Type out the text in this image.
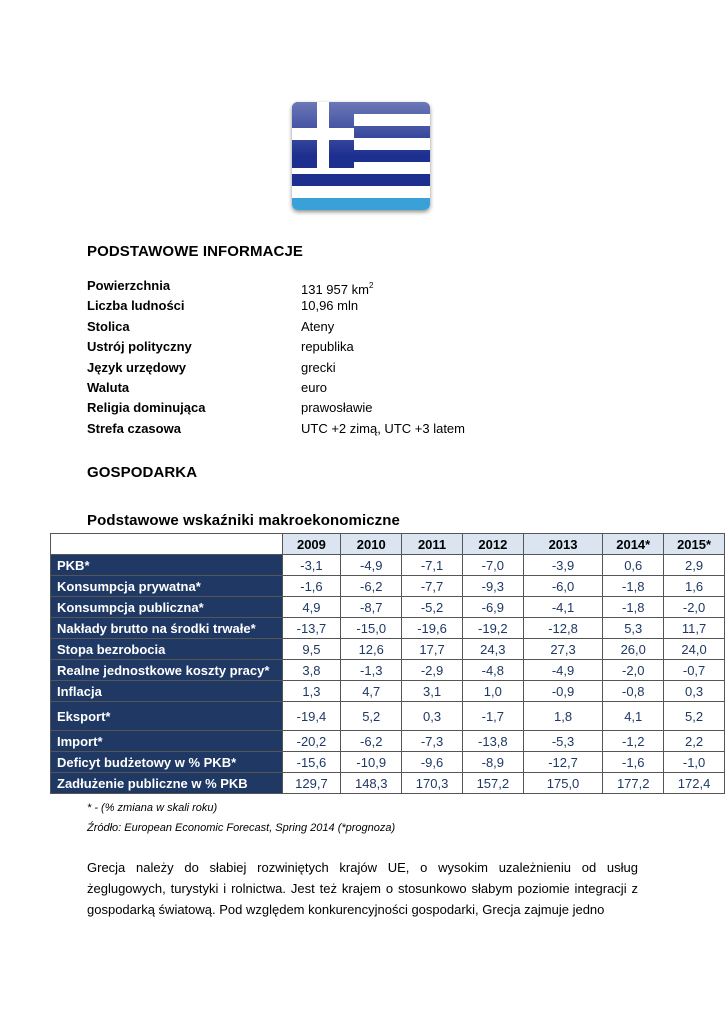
PODSTAWOWE INFORMACJE
Powierzchnia	131 957 $km^2$
Liczba ludności	10,96 mln
Stolica	Ateny
Ustrój polityczny	republika
Język urzędowy	grecki
Waluta	euro
Religia dominująca	prawosławie
Strefa czasowa	UTC +2 zimą, UTC +3 latem
GOSPODARKA
Podstawowe wskaźniki makroekonomiczne
	2009	2010	2011	2012	2013	2014*	2015*
PKB*	-3,1	-4,9	-7,1	-7,0	-3,9	0,6	2,9
Konsumpcja prywatna*	-1,6	-6,2	-7,7	-9,3	-6,0	-1,8	1,6
Konsumpcja publiczna*	4,9	-8,7	-5,2	-6,9	-4,1	-1,8	-2,0
Nakłady brutto na środki trwałe*	-13,7	-15,0	-19,6	-19,2	-12,8	5,3	11,7
Stopa bezrobocia	9,5	12,6	17,7	24,3	27,3	26,0	24,0
Realne jednostkowe koszty pracy*	3,8	-1,3	-2,9	-4,8	-4,9	-2,0	-0,7
Inflacja	1,3	4,7	3,1	1,0	-0,9	-0,8	0,3
Eksport*	-19,4	5,2	0,3	-1,7	1,8	4,1	5,2
Import*	-20,2	-6,2	-7,3	-13,8	-5,3	-1,2	2,2
Deficyt budżetowy w % PKB*	-15,6	-10,9	-9,6	-8,9	-12,7	-1,6	-1,0
Zadłużenie publiczne w % PKB	129,7	148,3	170,3	157,2	175,0	177,2	172,4
* - (% zmiana w skali roku)
Źródło: European Economic Forecast, Spring 2014 (*prognoza)
Grecja należy do słabiej rozwiniętych krajów UE, o wysokim uzależnieniu od usług żeglugowych, turystyki i rolnictwa. Jest też krajem o stosunkowo słabym poziomie integracji z gospodarką światową. Pod względem konkurencyjności gospodarki, Grecja zajmuje jedno
